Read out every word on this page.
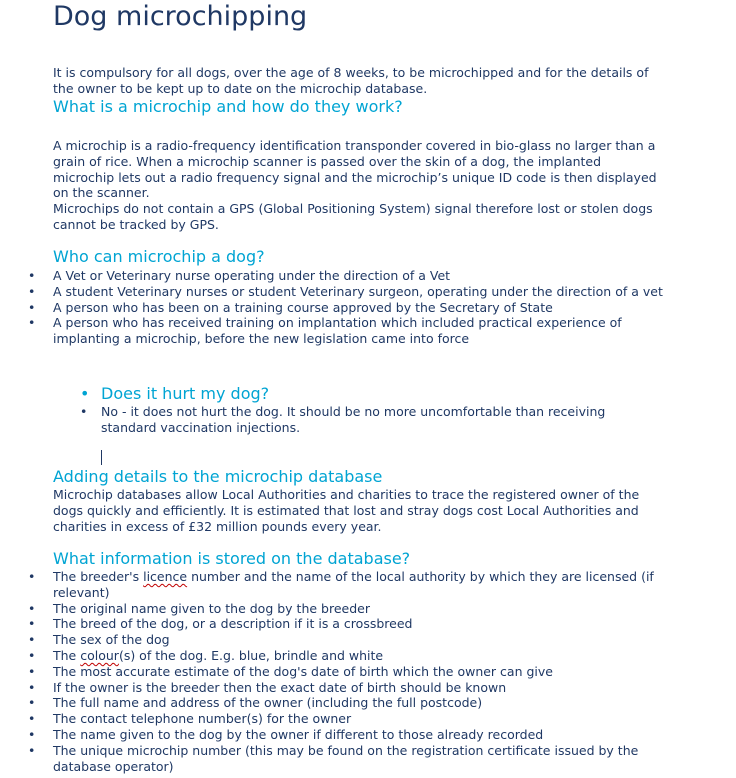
Dog microchipping

It is compulsory for all dogs, over the age of 8 weeks, to be microchipped and for the details of the owner to be kept up to date on the microchip database.

What is a microchip and how do they work?

A microchip is a radio-frequency identification transponder covered in bio-glass no larger than a grain of rice. When a microchip scanner is passed over the skin of a dog, the implanted microchip lets out a radio frequency signal and the microchip’s unique ID code is then displayed on the scanner.

Microchips do not contain a GPS (Global Positioning System) signal therefore lost or stolen dogs cannot be tracked by GPS.

Who can microchip a dog?
• A Vet or Veterinary nurse operating under the direction of a Vet
• A student Veterinary nurses or student Veterinary surgeon, operating under the direction of a vet
• A person who has been on a training course approved by the Secretary of State
• A person who has received training on implantation which included practical experience of implanting a microchip, before the new legislation came into force
• Does it hurt my dog?
• No - it does not hurt the dog. It should be no more uncomfortable than receiving standard vaccination injections.
Adding details to the microchip database

Microchip databases allow Local Authorities and charities to trace the registered owner of the dogs quickly and efficiently. It is estimated that lost and stray dogs cost Local Authorities and charities in excess of £32 million pounds every year.

What information is stored on the database?
• The breeder's licence number and the name of the local authority by which they are licensed (if relevant)
• The original name given to the dog by the breeder
• The breed of the dog, or a description if it is a crossbreed
• The sex of the dog
• The colour(s) of the dog. E.g. blue, brindle and white
• The most accurate estimate of the dog's date of birth which the owner can give
• If the owner is the breeder then the exact date of birth should be known
• The full name and address of the owner (including the full postcode)
• The contact telephone number(s) for the owner
• The name given to the dog by the owner if different to those already recorded
• The unique microchip number (this may be found on the registration certificate issued by the database operator)
